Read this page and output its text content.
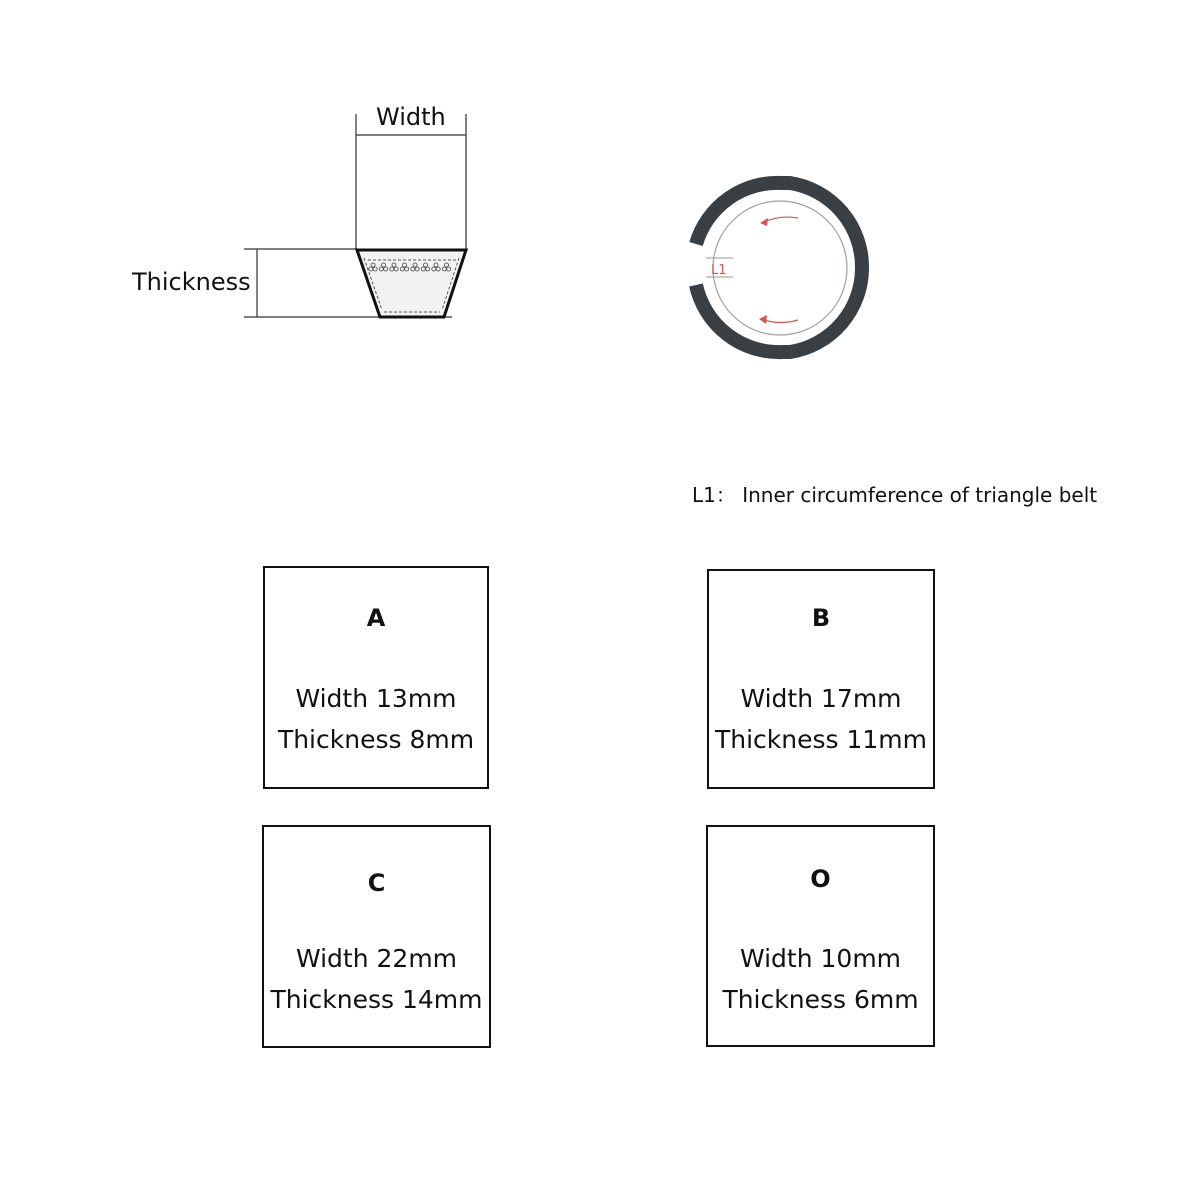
L1
Width
Thickness
L1： Inner circumference of triangle belt
A
Width 13mm
Thickness 8mm
B
Width 17mm
Thickness 11mm
C
Width 22mm
Thickness 14mm
O
Width 10mm
Thickness 6mm
